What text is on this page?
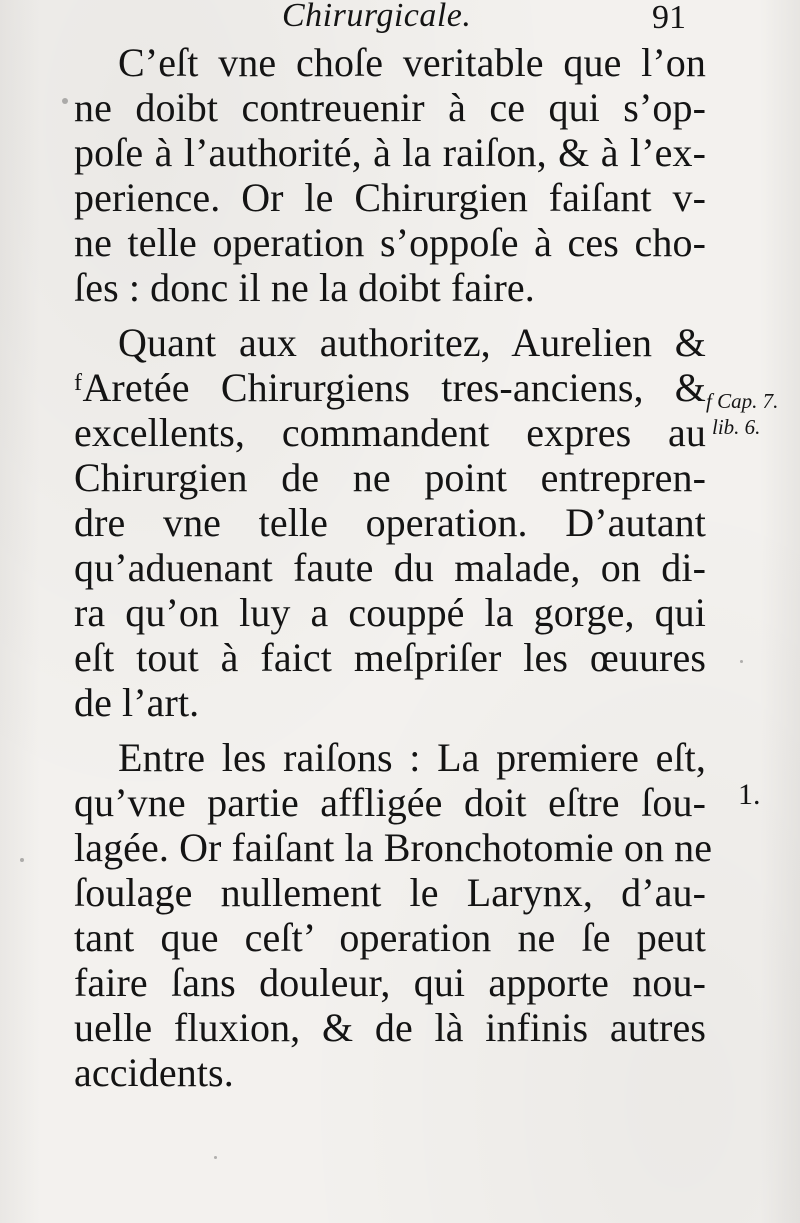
Chirurgicale.	91
C’eſt vne choſe veritable que l’on
ne doibt contreuenir à ce qui s’op-
poſe à l’authorité, à la raiſon, & à l’ex-
perience. Or le Chirurgien faiſant v-
ne telle operation s’oppoſe à ces cho-
ſes : donc il ne la doibt faire.
Quant aux authoritez, Aurelien &
ᶠAretée Chirurgiens tres-anciens, &
excellents, commandent expres au
Chirurgien de ne point entrepren-
dre vne telle operation. D’autant
qu’aduenant faute du malade, on di-
ra qu’on luy a couppé la gorge, qui
eſt tout à faict meſpriſer les œuures
de l’art.
Entre les raiſons : La premiere eſt,
qu’vne partie affligée doit eſtre ſou-
lagée. Or faiſant la Bronchotomie on ne
ſoulage nullement le Larynx, d’au-
tant que ceſt’ operation ne ſe peut
faire ſans douleur, qui apporte nou-
uelle fluxion, & de là infinis autres
accidents.
f Cap. 7.
lib. 6.
1.
